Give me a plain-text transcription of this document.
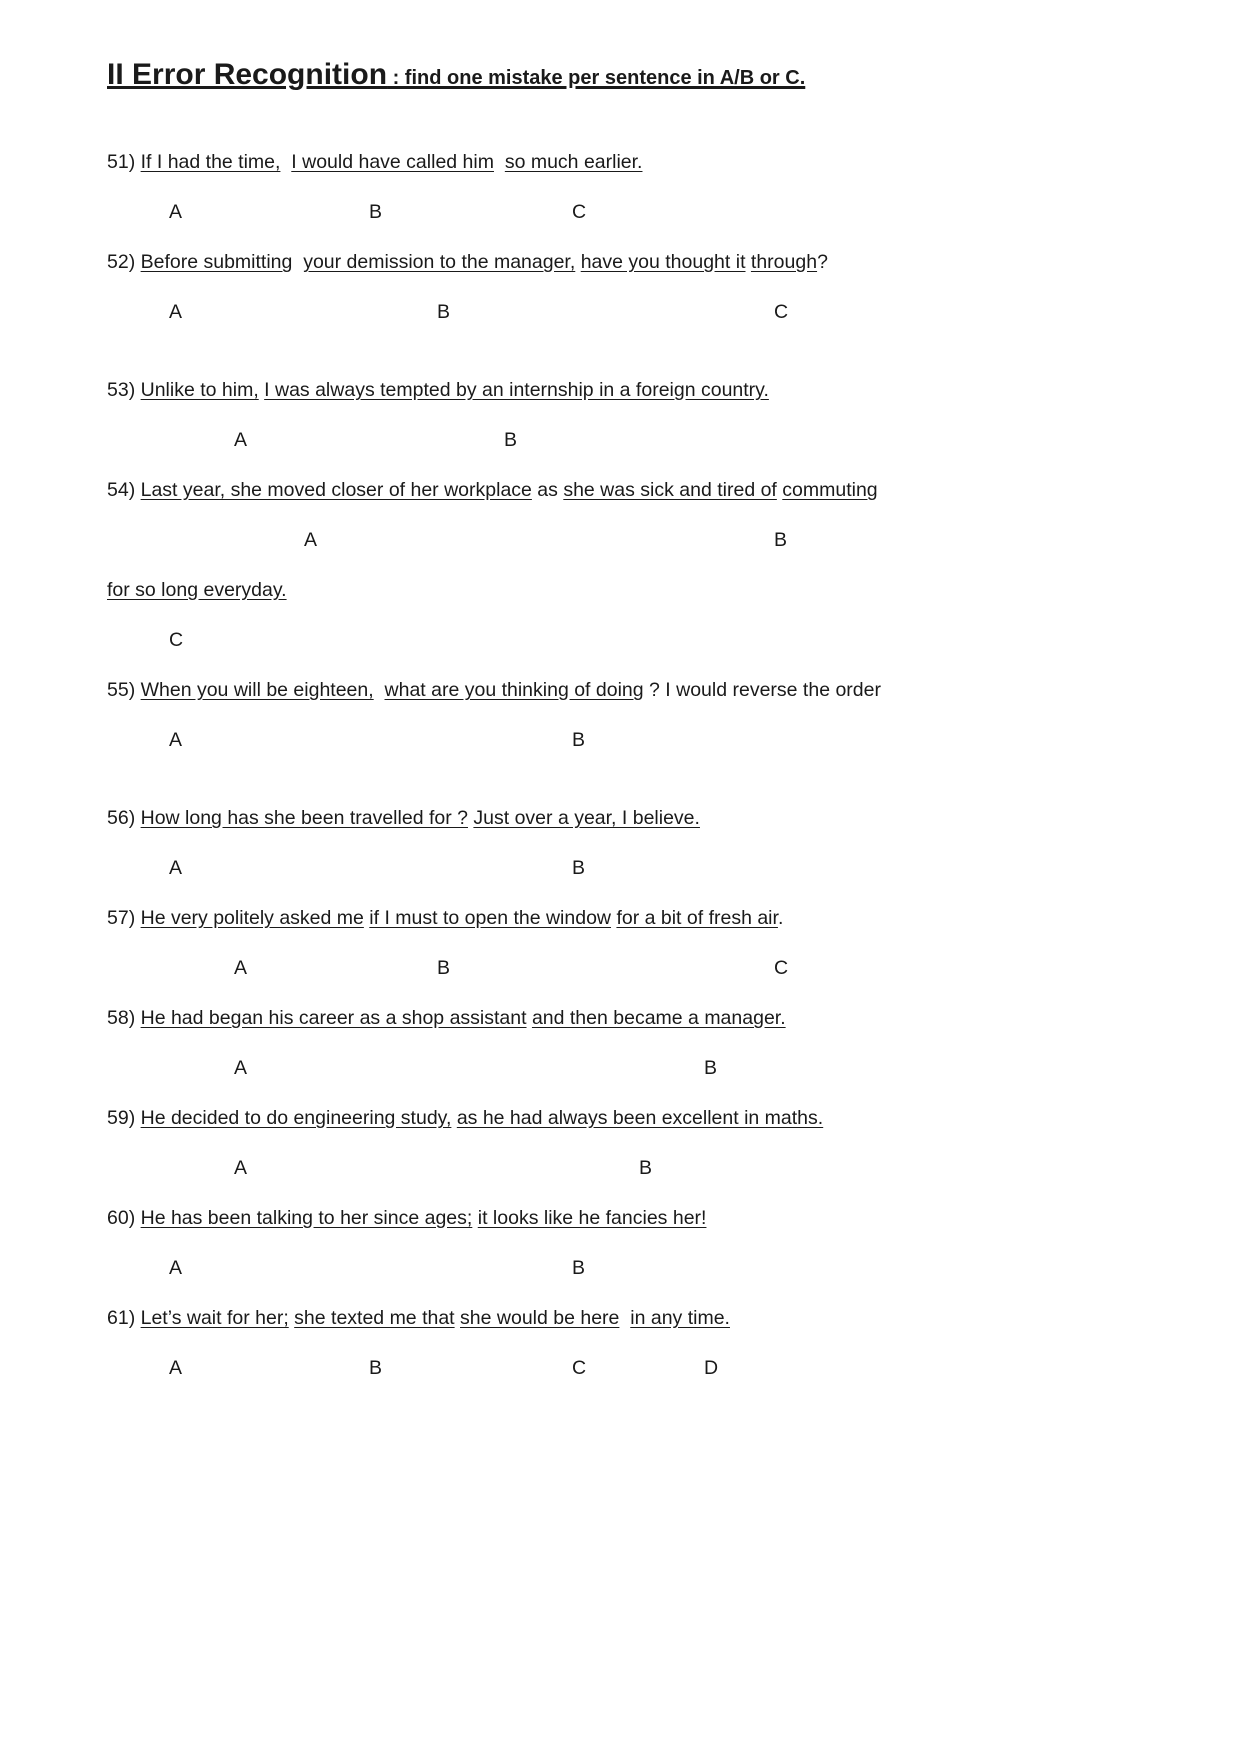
II Error Recognition : find one mistake per sentence in A/B or C.
51) If I had the time, I would have called him so much earlier.
A	B	C
52) Before submitting your demission to the manager, have you thought it through?
A	B	C
53) Unlike to him, I was always tempted by an internship in a foreign country.
A	B
54) Last year, she moved closer of her workplace as she was sick and tired of commuting
A	B
for so long everyday.
C
55) When you will be eighteen, what are you thinking of doing ? I would reverse the order
A	B
56) How long has she been travelled for ? Just over a year, I believe.
A	B
57) He very politely asked me if I must to open the window for a bit of fresh air.
A	B	C
58) He had began his career as a shop assistant and then became a manager.
A	B
59) He decided to do engineering study, as he had always been excellent in maths.
A	B
60) He has been talking to her since ages; it looks like he fancies her!
A	B
61) Let’s wait for her; she texted me that she would be here in any time.
A	B	C	D
